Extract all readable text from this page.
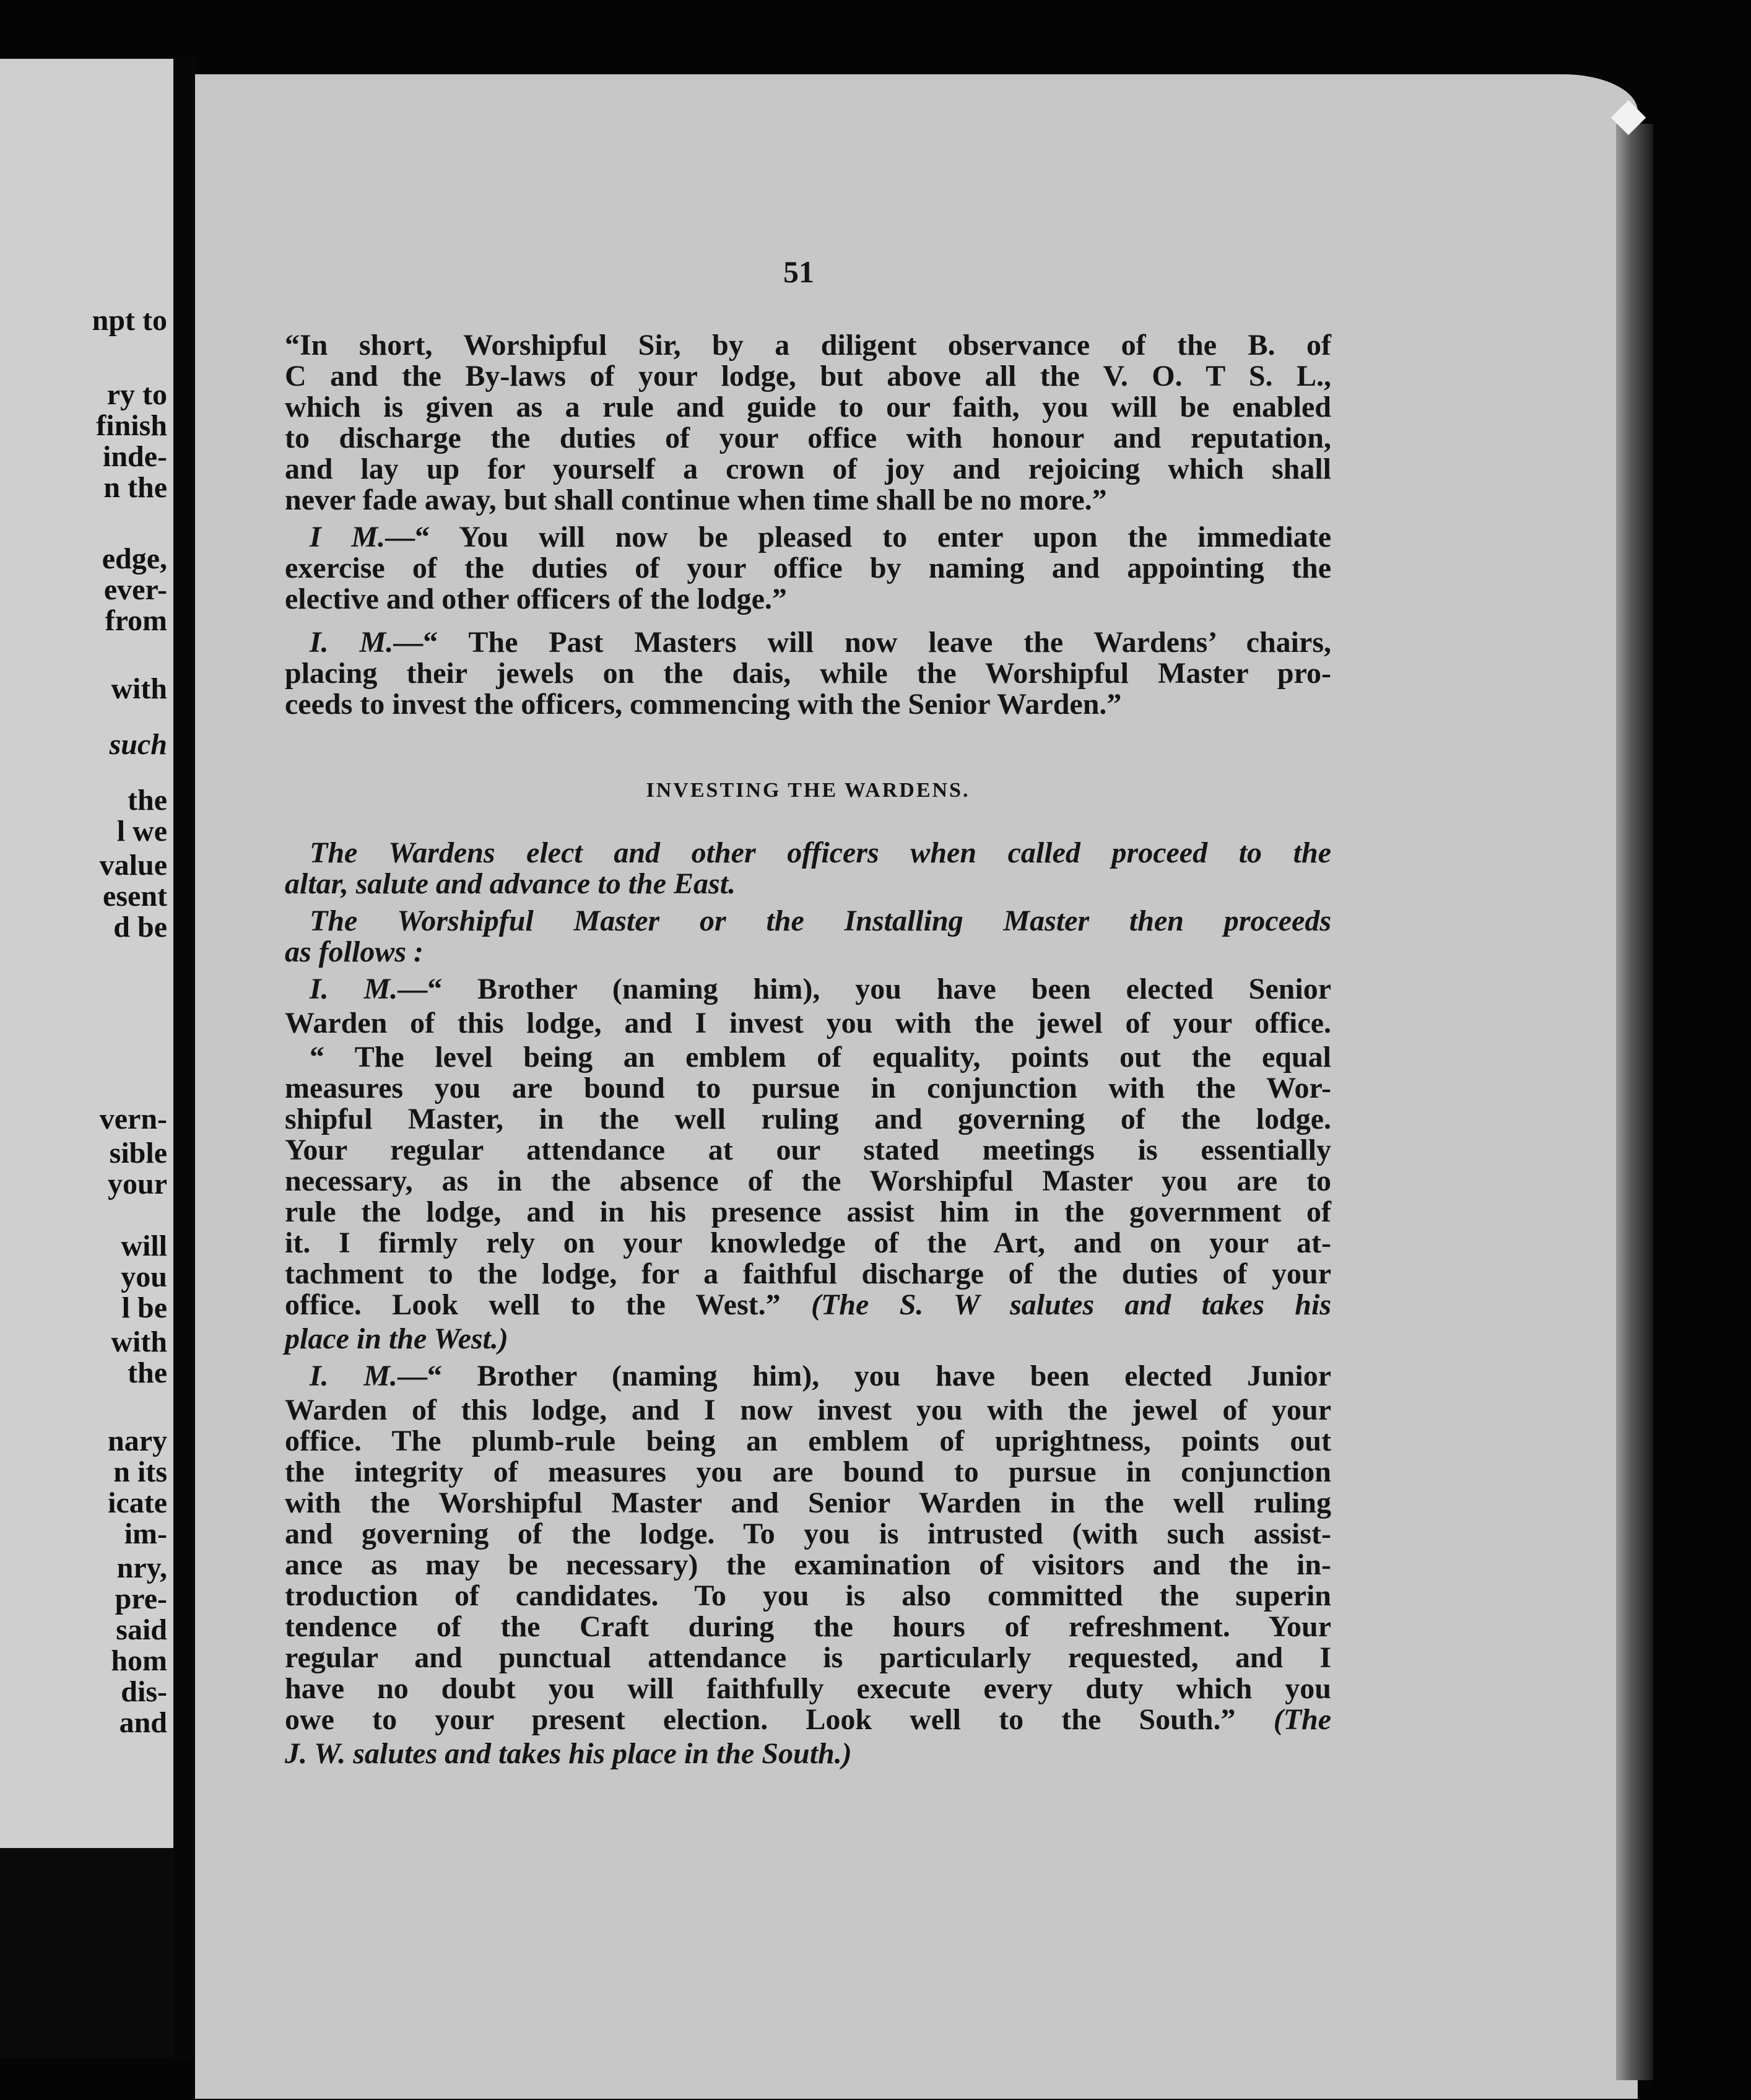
npt to
ry to
finish
inde-
n the
edge,
ever-
from
with
such
the
l we
value
esent
d be
vern-
sible
your
will
you
l be
with
the
nary
n its
icate
im-
nry,
pre-
said
hom
dis-
and
51
“In short, Worshipful Sir, by a diligent observance of the B. of
C and the By-laws of your lodge, but above all the V. O. T S. L.,
which is given as a rule and guide to our faith, you will be enabled
to discharge the duties of your office with honour and reputation,
and lay up for yourself a crown of joy and rejoicing which shall
never fade away, but shall continue when time shall be no more.”
I M.—“ You will now be pleased to enter upon the immediate
exercise of the duties of your office by naming and appointing the
elective and other officers of the lodge.”
I. M.—“ The Past Masters will now leave the Wardens’ chairs,
placing their jewels on the dais, while the Worshipful Master pro-
ceeds to invest the officers, commencing with the Senior Warden.”
The Wardens elect and other officers when called proceed to the
altar, salute and advance to the East.
The Worshipful Master or the Installing Master then proceeds
as follows :
I. M.—“ Brother (naming him), you have been elected Senior
Warden of this lodge, and I invest you with the jewel of your office.
“ The level being an emblem of equality, points out the equal
measures you are bound to pursue in conjunction with the Wor-
shipful Master, in the well ruling and governing of the lodge.
Your regular attendance at our stated meetings is essentially
necessary, as in the absence of the Worshipful Master you are to
rule the lodge, and in his presence assist him in the government of
it. I firmly rely on your knowledge of the Art, and on your at-
tachment to the lodge, for a faithful discharge of the duties of your
office. Look well to the West.” (The S. W salutes and takes his
place in the West.)
I. M.—“ Brother (naming him), you have been elected Junior
Warden of this lodge, and I now invest you with the jewel of your
office. The plumb-rule being an emblem of uprightness, points out
the integrity of measures you are bound to pursue in conjunction
with the Worshipful Master and Senior Warden in the well ruling
and governing of the lodge. To you is intrusted (with such assist-
ance as may be necessary) the examination of visitors and the in-
troduction of candidates. To you is also committed the superin
tendence of the Craft during the hours of refreshment. Your
regular and punctual attendance is particularly requested, and I
have no doubt you will faithfully execute every duty which you
owe to your present election. Look well to the South.” (The
J. W. salutes and takes his place in the South.)
INVESTING THE WARDENS.
